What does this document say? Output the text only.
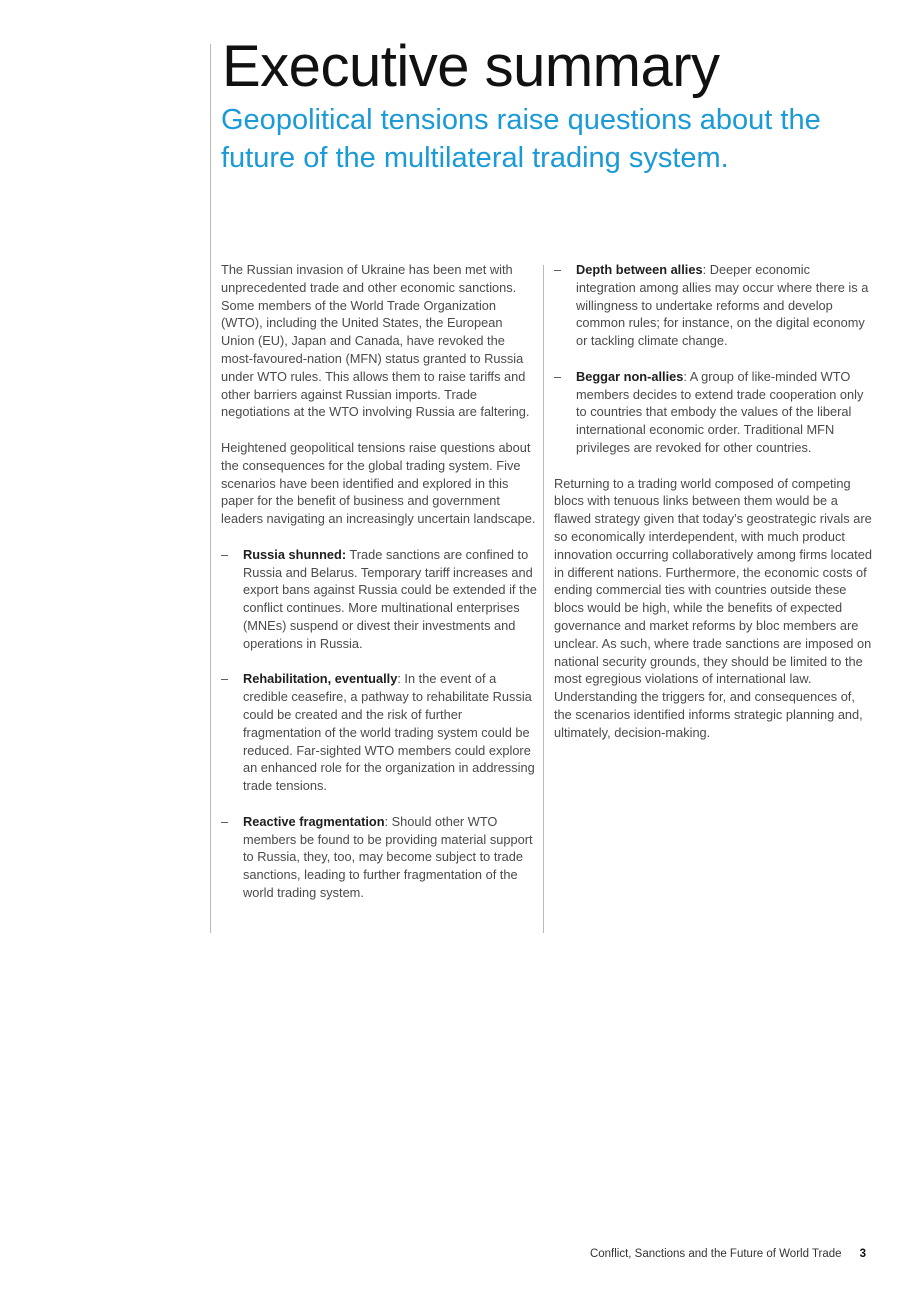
Executive summary
Geopolitical tensions raise questions about the future of the multilateral trading system.

The Russian invasion of Ukraine has been met with unprecedented trade and other economic sanctions. Some members of the World Trade Organization (WTO), including the United States, the European Union (EU), Japan and Canada, have revoked the most-favoured-nation (MFN) status granted to Russia under WTO rules. This allows them to raise tariffs and other barriers against Russian imports. Trade negotiations at the WTO involving Russia are faltering.

Heightened geopolitical tensions raise questions about the consequences for the global trading system. Five scenarios have been identified and explored in this paper for the benefit of business and government leaders navigating an increasingly uncertain landscape.

– Russia shunned: Trade sanctions are confined to Russia and Belarus. Temporary tariff increases and export bans against Russia could be extended if the conflict continues. More multinational enterprises (MNEs) suspend or divest their investments and operations in Russia.
– Rehabilitation, eventually: In the event of a credible ceasefire, a pathway to rehabilitate Russia could be created and the risk of further fragmentation of the world trading system could be reduced. Far-sighted WTO members could explore an enhanced role for the organization in addressing trade tensions.
– Reactive fragmentation: Should other WTO members be found to be providing material support to Russia, they, too, may become subject to trade sanctions, leading to further fragmentation of the world trading system.
– Depth between allies: Deeper economic integration among allies may occur where there is a willingness to undertake reforms and develop common rules; for instance, on the digital economy or tackling climate change.
– Beggar non-allies: A group of like-minded WTO members decides to extend trade cooperation only to countries that embody the values of the liberal international economic order. Traditional MFN privileges are revoked for other countries.

Returning to a trading world composed of competing blocs with tenuous links between them would be a flawed strategy given that today’s geostrategic rivals are so economically interdependent, with much product innovation occurring collaboratively among firms located in different nations. Furthermore, the economic costs of ending commercial ties with countries outside these blocs would be high, while the benefits of expected governance and market reforms by bloc members are unclear. As such, where trade sanctions are imposed on national security grounds, they should be limited to the most egregious violations of international law. Understanding the triggers for, and consequences of, the scenarios identified informs strategic planning and, ultimately, decision-making.

Conflict, Sanctions and the Future of World Trade 3
